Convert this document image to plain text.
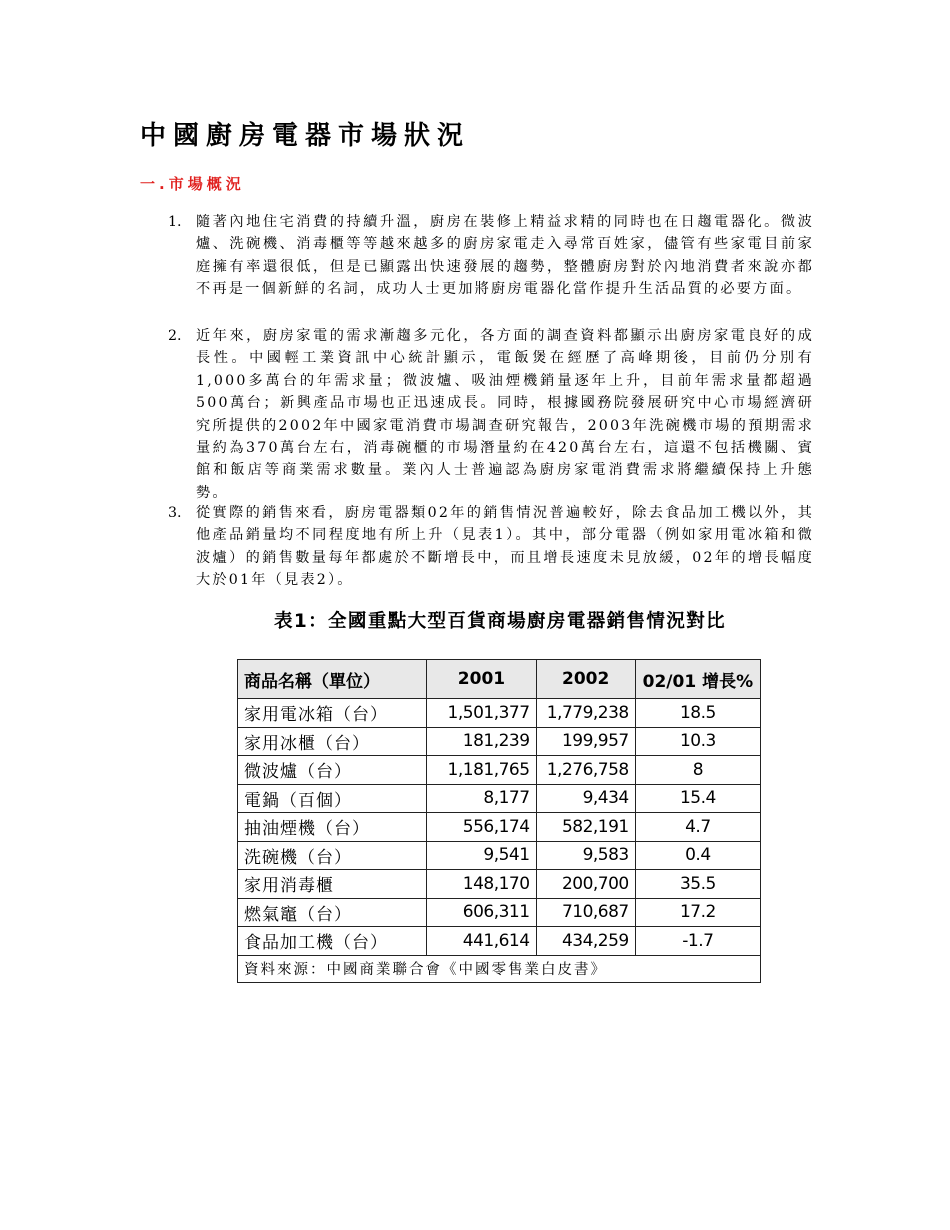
中國廚房電器市場狀況
一.市場概況
1. 隨著內地住宅消費的持續升溫，廚房在裝修上精益求精的同時也在日趨電器化。微波爐、洗碗機、消毒櫃等等越來越多的廚房家電走入尋常百姓家，儘管有些家電目前家庭擁有率還很低，但是已顯露出快速發展的趨勢，整體廚房對於內地消費者來說亦都不再是一個新鮮的名詞，成功人士更加將廚房電器化當作提升生活品質的必要方面。
2. 近年來，廚房家電的需求漸趨多元化，各方面的調查資料都顯示出廚房家電良好的成長性。中國輕工業資訊中心統計顯示，電飯煲在經歷了高峰期後，目前仍分別有1,000多萬台的年需求量；微波爐、吸油煙機銷量逐年上升，目前年需求量都超過500萬台；新興產品市場也正迅速成長。同時，根據國務院發展研究中心市場經濟研究所提供的2002年中國家電消費市場調查研究報告，2003年洗碗機市場的預期需求量約為370萬台左右，消毒碗櫃的市場潛量約在420萬台左右，這還不包括機關、賓館和飯店等商業需求數量。業內人士普遍認為廚房家電消費需求將繼續保持上升態勢。
3. 從實際的銷售來看，廚房電器類02年的銷售情況普遍較好，除去食品加工機以外，其他產品銷量均不同程度地有所上升（見表1）。其中，部分電器（例如家用電冰箱和微波爐）的銷售數量每年都處於不斷增長中，而且增長速度未見放緩，02年的增長幅度大於01年（見表2）。
表1：全國重點大型百貨商場廚房電器銷售情況對比
商品名稱（單位）	2001	2002	02/01 增長%
家用電冰箱（台）	1,501,377	1,779,238	18.5
家用冰櫃（台）	181,239	199,957	10.3
微波爐（台）	1,181,765	1,276,758	8
電鍋（百個）	8,177	9,434	15.4
抽油煙機（台）	556,174	582,191	4.7
洗碗機（台）	9,541	9,583	0.4
家用消毒櫃	148,170	200,700	35.5
燃氣竈（台）	606,311	710,687	17.2
食品加工機（台）	441,614	434,259	-1.7
資料來源：中國商業聯合會《中國零售業白皮書》			
